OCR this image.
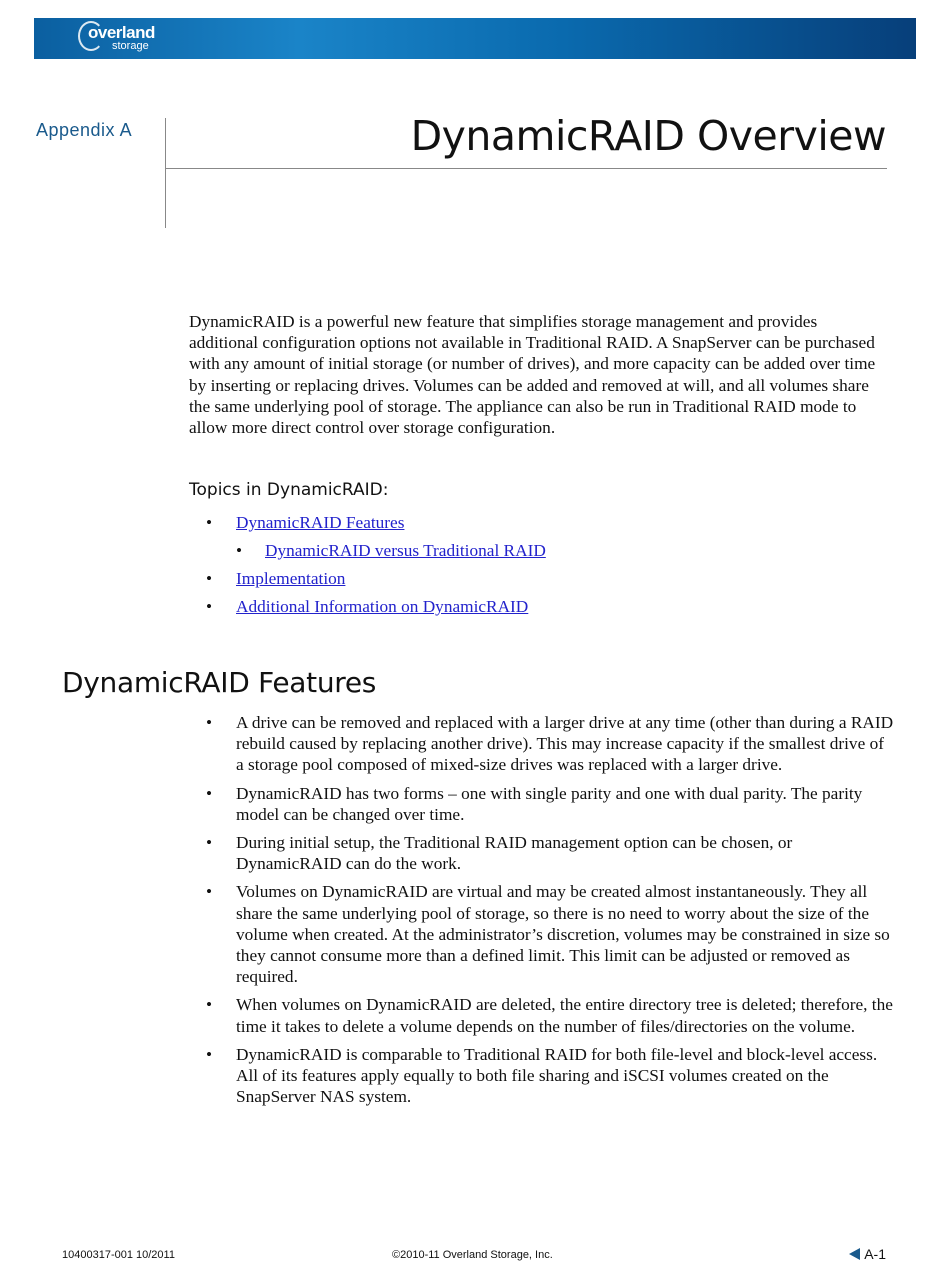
overland
storage
Appendix A	DynamicRAID Overview

DynamicRAID is a powerful new feature that simplifies storage management and provides additional configuration options not available in Traditional RAID. A SnapServer can be purchased with any amount of initial storage (or number of drives), and more capacity can be added over time by inserting or replacing drives. Volumes can be added and removed at will, and all volumes share the same underlying pool of storage. The appliance can also be run in Traditional RAID mode to allow more direct control over storage configuration.

Topics in DynamicRAID:
• DynamicRAID Features
• DynamicRAID versus Traditional RAID
• Implementation
• Additional Information on DynamicRAID
DynamicRAID Features
• A drive can be removed and replaced with a larger drive at any time (other than during a RAID rebuild caused by replacing another drive). This may increase capacity if the smallest drive of a storage pool composed of mixed-size drives was replaced with a larger drive.
• DynamicRAID has two forms – one with single parity and one with dual parity. The parity model can be changed over time.
• During initial setup, the Traditional RAID management option can be chosen, or DynamicRAID can do the work.
• Volumes on DynamicRAID are virtual and may be created almost instantaneously. They all share the same underlying pool of storage, so there is no need to worry about the size of the volume when created. At the administrator’s discretion, volumes may be constrained in size so they cannot consume more than a defined limit. This limit can be adjusted or removed as required.
• When volumes on DynamicRAID are deleted, the entire directory tree is deleted; therefore, the time it takes to delete a volume depends on the number of files/directories on the volume.
• DynamicRAID is comparable to Traditional RAID for both file-level and block-level access. All of its features apply equally to both file sharing and iSCSI volumes created on the SnapServer NAS system.
10400317-001 10/2011	©2010-11 Overland Storage, Inc.	A-1
